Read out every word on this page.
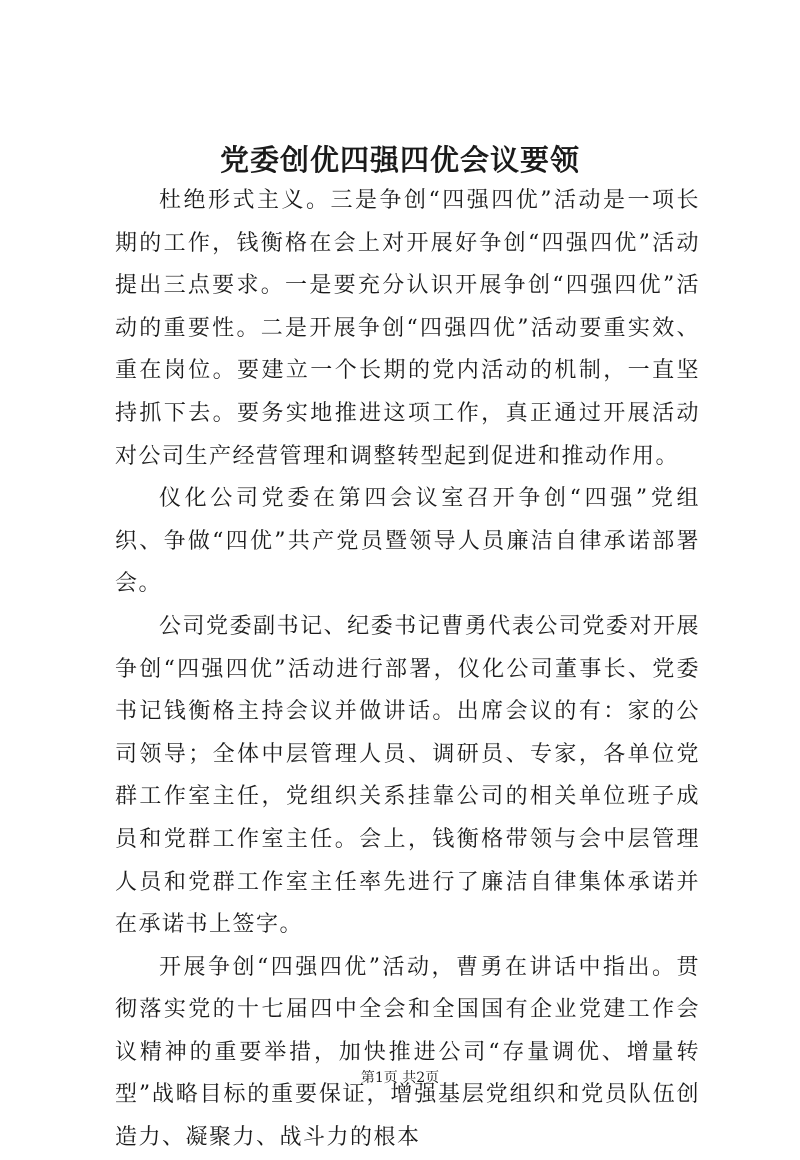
党委创优四强四优会议要领

杜绝形式主义。三是争创“四强四优”活动是一项长期的工作，钱衡格在会上对开展好争创“四强四优”活动提出三点要求。一是要充分认识开展争创“四强四优”活动的重要性。二是开展争创“四强四优”活动要重实效、重在岗位。要建立一个长期的党内活动的机制，一直坚持抓下去。要务实地推进这项工作，真正通过开展活动对公司生产经营管理和调整转型起到促进和推动作用。

仪化公司党委在第四会议室召开争创“四强”党组织、争做“四优”共产党员暨领导人员廉洁自律承诺部署会。

公司党委副书记、纪委书记曹勇代表公司党委对开展争创“四强四优”活动进行部署，仪化公司董事长、党委书记钱衡格主持会议并做讲话。出席会议的有：家的公司领导；全体中层管理人员、调研员、专家，各单位党群工作室主任，党组织关系挂靠公司的相关单位班子成员和党群工作室主任。会上，钱衡格带领与会中层管理人员和党群工作室主任率先进行了廉洁自律集体承诺并在承诺书上签字。

开展争创“四强四优”活动，曹勇在讲话中指出。贯彻落实党的十七届四中全会和全国国有企业党建工作会议精神的重要举措，加快推进公司“存量调优、增量转型”战略目标的重要保证，增强基层党组织和党员队伍创造力、凝聚力、战斗力的根本

第1页 共2页
